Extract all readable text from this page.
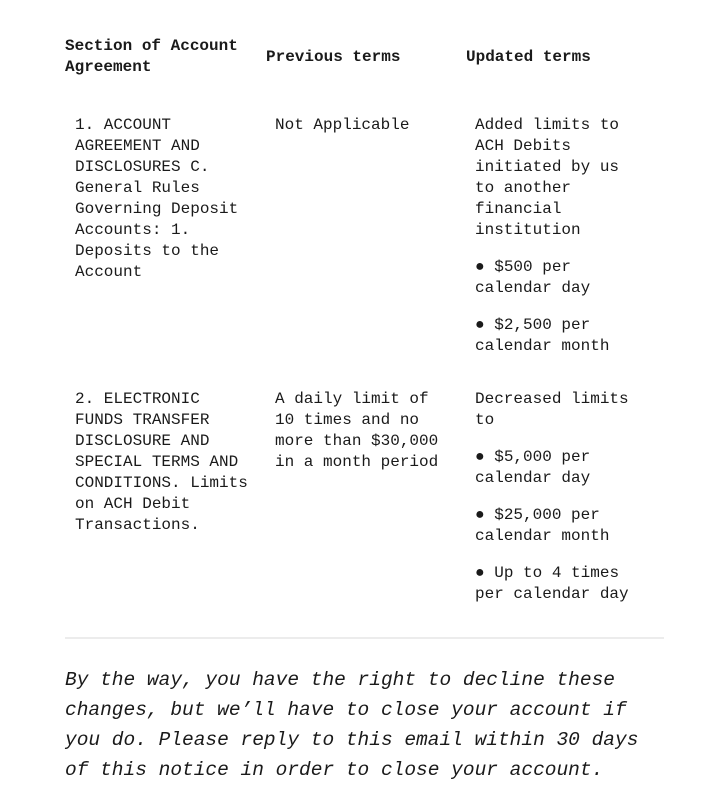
Section of Account Agreement
Previous terms	Updated terms
1. ACCOUNT AGREEMENT AND DISCLOSURES C. General Rules Governing Deposit Accounts: 1. Deposits to the Account
Not Applicable	Added limits to ACH Debits initiated by us to another financial institution
● $500 per calendar day
● $2,500 per calendar month
2. ELECTRONIC FUNDS TRANSFER DISCLOSURE AND SPECIAL TERMS AND CONDITIONS. Limits on ACH Debit Transactions.
A daily limit of 10 times and no more than $30,000 in a month period
Decreased limits to
● $5,000 per calendar day
● $25,000 per calendar month
● Up to 4 times per calendar day

By the way, you have the right to decline these changes, but we’ll have to close your account if you do. Please reply to this email within 30 days of this notice in order to close your account.
